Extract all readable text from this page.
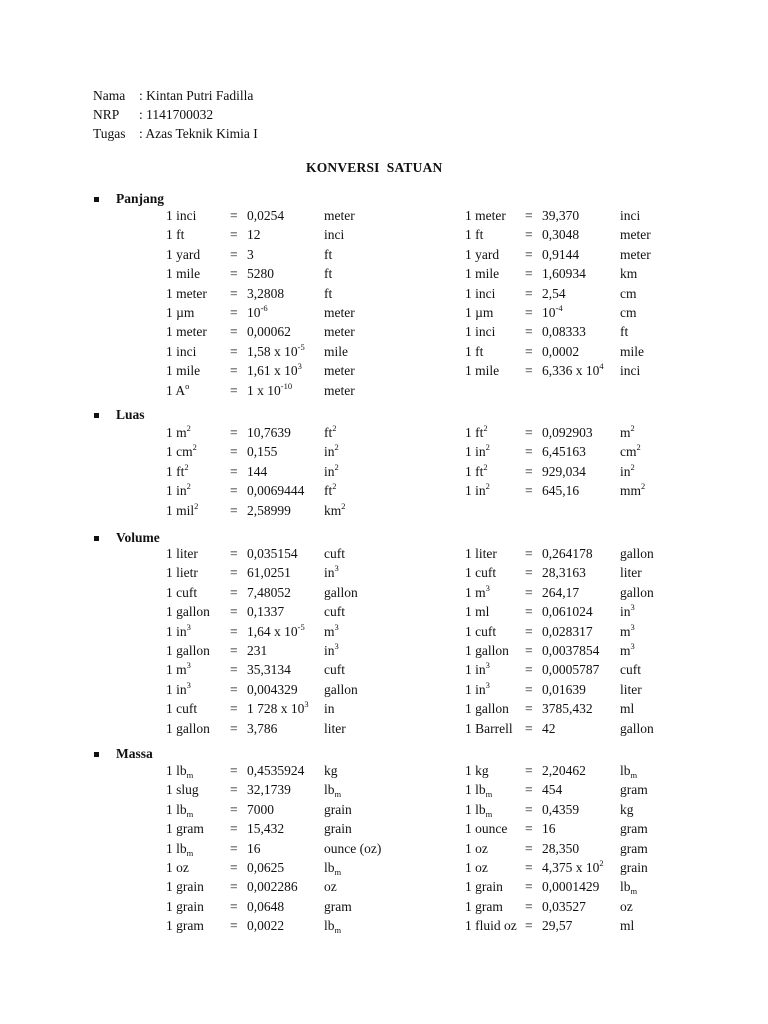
Nama : Kintan Putri Fadilla
NRP : 1141700032
Tugas : Azas Teknik Kimia I
KONVERSI  SATUAN
Panjang
Luas
Volume
Massa
1 inci = 0,0254	meter
1 ft	= 12	inci
1 yard = 3	ft
1 mile = 5280	ft
1 meter = 3,2808	ft
1 µm	= $10^{-6}$	meter
1 meter = 0,00062 meter
1 inci = 1,58 x $10^{-5}$ mile
1 mile = 1,61 x $10^3$ meter
1 $A^o$	= 1 x $10^{-10}$ meter
1 meter = 39,370	inci
1 ft	= 0,3048	meter
1 yard = 0,9144	meter
1 mile = 1,60934	km
1 inci = 2,54	cm
1 $\mu m = 10^{-4}$	cm
1 inci = 0,08333	ft
1 ft	= 0,0002	mile
1 mile = 6,336 x $10^4$ inci
1 $m^2$	= 10,7639 $ft^2$
1 $cm^2 = 0,155$	$in^2$
1 $ft^2$	= 144	$in^2$
1 $in^2$	= 0,0069444 $ft^2$
1 mil$^2$ = 2,58999 $km^2$
1 $ft^2$	= 0,092903 $m^2$
1 $in^2$	= 6,45163	$cm^2$
1 $ft^2$	= 929,034	$in^2$
1 $in^2$	= 645,16	$mm^2$
1 liter = 0,035154 cuft
1 lietr = 61,0251 $in^3$
1 cuft = 7,48052 gallon
1 gallon = 0,1337	cuft
1 $in^3$	= 1,64 x $10^{-5}$ $m^3$
1 gallon = 231	$in^3$
1 $m^3$	= 35,3134 cuft
1 $in^3$	= 0,004329 gallon
1 cuft = 1 728 x $10^3$ in
1 gallon = 3,786	liter
1 liter = 0,264178 gallon
1 cuft = 28,3163	liter
1 $m^3$	= 264,17	gallon
1 ml	= 0,061024 $in^3$
1 cuft = 0,028317 $m^3$
1 gallon = 0,0037854 $m^3$
1 $in^3$	= 0,0005787 cuft
1 $in^3$	= 0,01639	liter
1 gallon = 3785,432 ml
1 Barrell = 42	gallon
1 $lb_m$	= 0,4535924 kg
1 slug = 32,1739 $lb_m$
1 $lb_m$	= 7000	grain
1 gram = 15,432	grain
1 $lb_m$	= 16	ounce (oz)
1 oz	= 0,0625	$lb_m$
1 grain = 0,002286 oz
1 grain = 0,0648	gram
1 gram = 0,0022	$lb_m$
1 kg	= 2,20462	$lb_m$
1 $lb_m = 454$	gram
1 $lb_m = 0,4359$	kg
1 ounce = 16	gram
1 oz	= 28,350	gram
1 oz	= 4,375 x $10^2$ grain
1 grain = 0,0001429 $lb_m$
1 gram = 0,03527	oz
1 fluid oz = 29,57	ml
